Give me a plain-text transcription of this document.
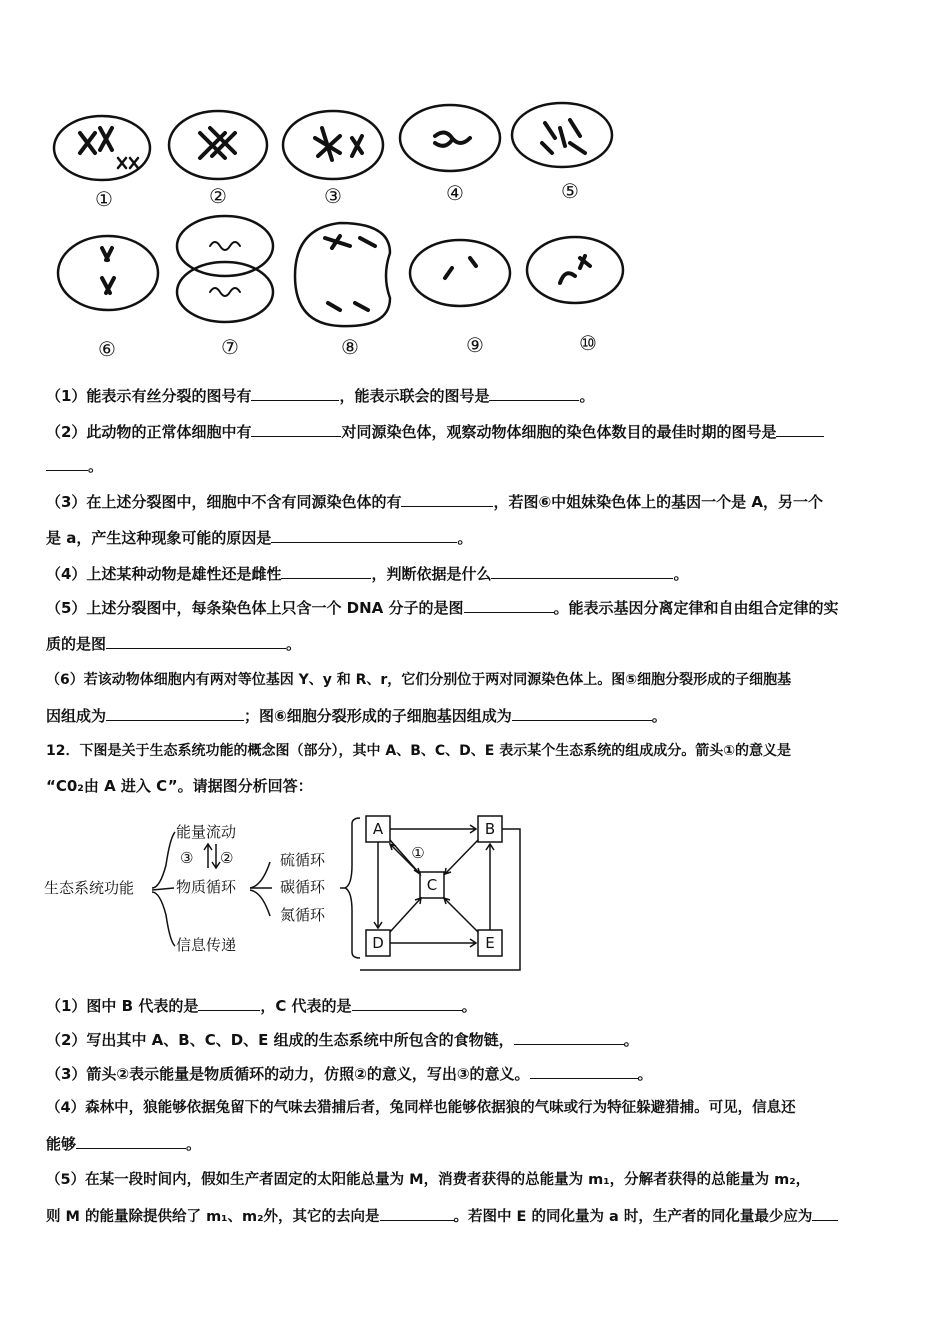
①	②	③	④	⑤
⑥	⑦	⑧	⑨	⑩
（1）能表示有丝分裂的图号有	，能表示联会的图号是	。
（2）此动物的正常体细胞中有	对同源染色体，观察动物体细胞的染色体数目的最佳时期的图号是
。
（3）在上述分裂图中，细胞中不含有同源染色体的有	，若图⑥中姐妹染色体上的基因一个是 A，另一个
是 a，产生这种现象可能的原因是	。
（4）上述某种动物是雄性还是雌性	，判断依据是什么	。
（5）上述分裂图中，每条染色体上只含一个 DNA 分子的是图	。能表示基因分离定律和自由组合定律的实
质的是图	。
（6）若该动物体细胞内有两对等位基因 Y、y 和 R、r，它们分别位于两对同源染色体上。图⑤细胞分裂形成的子细胞基
因组成为	；图⑥细胞分裂形成的子细胞基因组成为	。
12．下图是关于生态系统功能的概念图（部分），其中 A、B、C、D、E 表示某个生态系统的组成成分。箭头①的意义是
“C0₂由 A 进入 C”。请据图分析回答：
生态系统功能
能量流动
物质循环
信息传递
③ ②	硫循环
碳循环
氮循环
A	B
C
D	E
①
（1）图中 B 代表的是	，C 代表的是	。
（2）写出其中 A、B、C、D、E 组成的生态系统中所包含的食物链，	。
（3）箭头②表示能量是物质循环的动力，仿照②的意义，写出③的意义。	。
（4）森林中，狼能够依据兔留下的气味去猎捕后者，兔同样也能够依据狼的气味或行为特征躲避猎捕。可见，信息还
能够	。
（5）在某一段时间内，假如生产者固定的太阳能总量为 M，消费者获得的总能量为 m₁，分解者获得的总能量为 m₂，
则 M 的能量除提供给了 m₁、m₂外，其它的去向是	。若图中 E 的同化量为 a 时，生产者的同化量最少应为
